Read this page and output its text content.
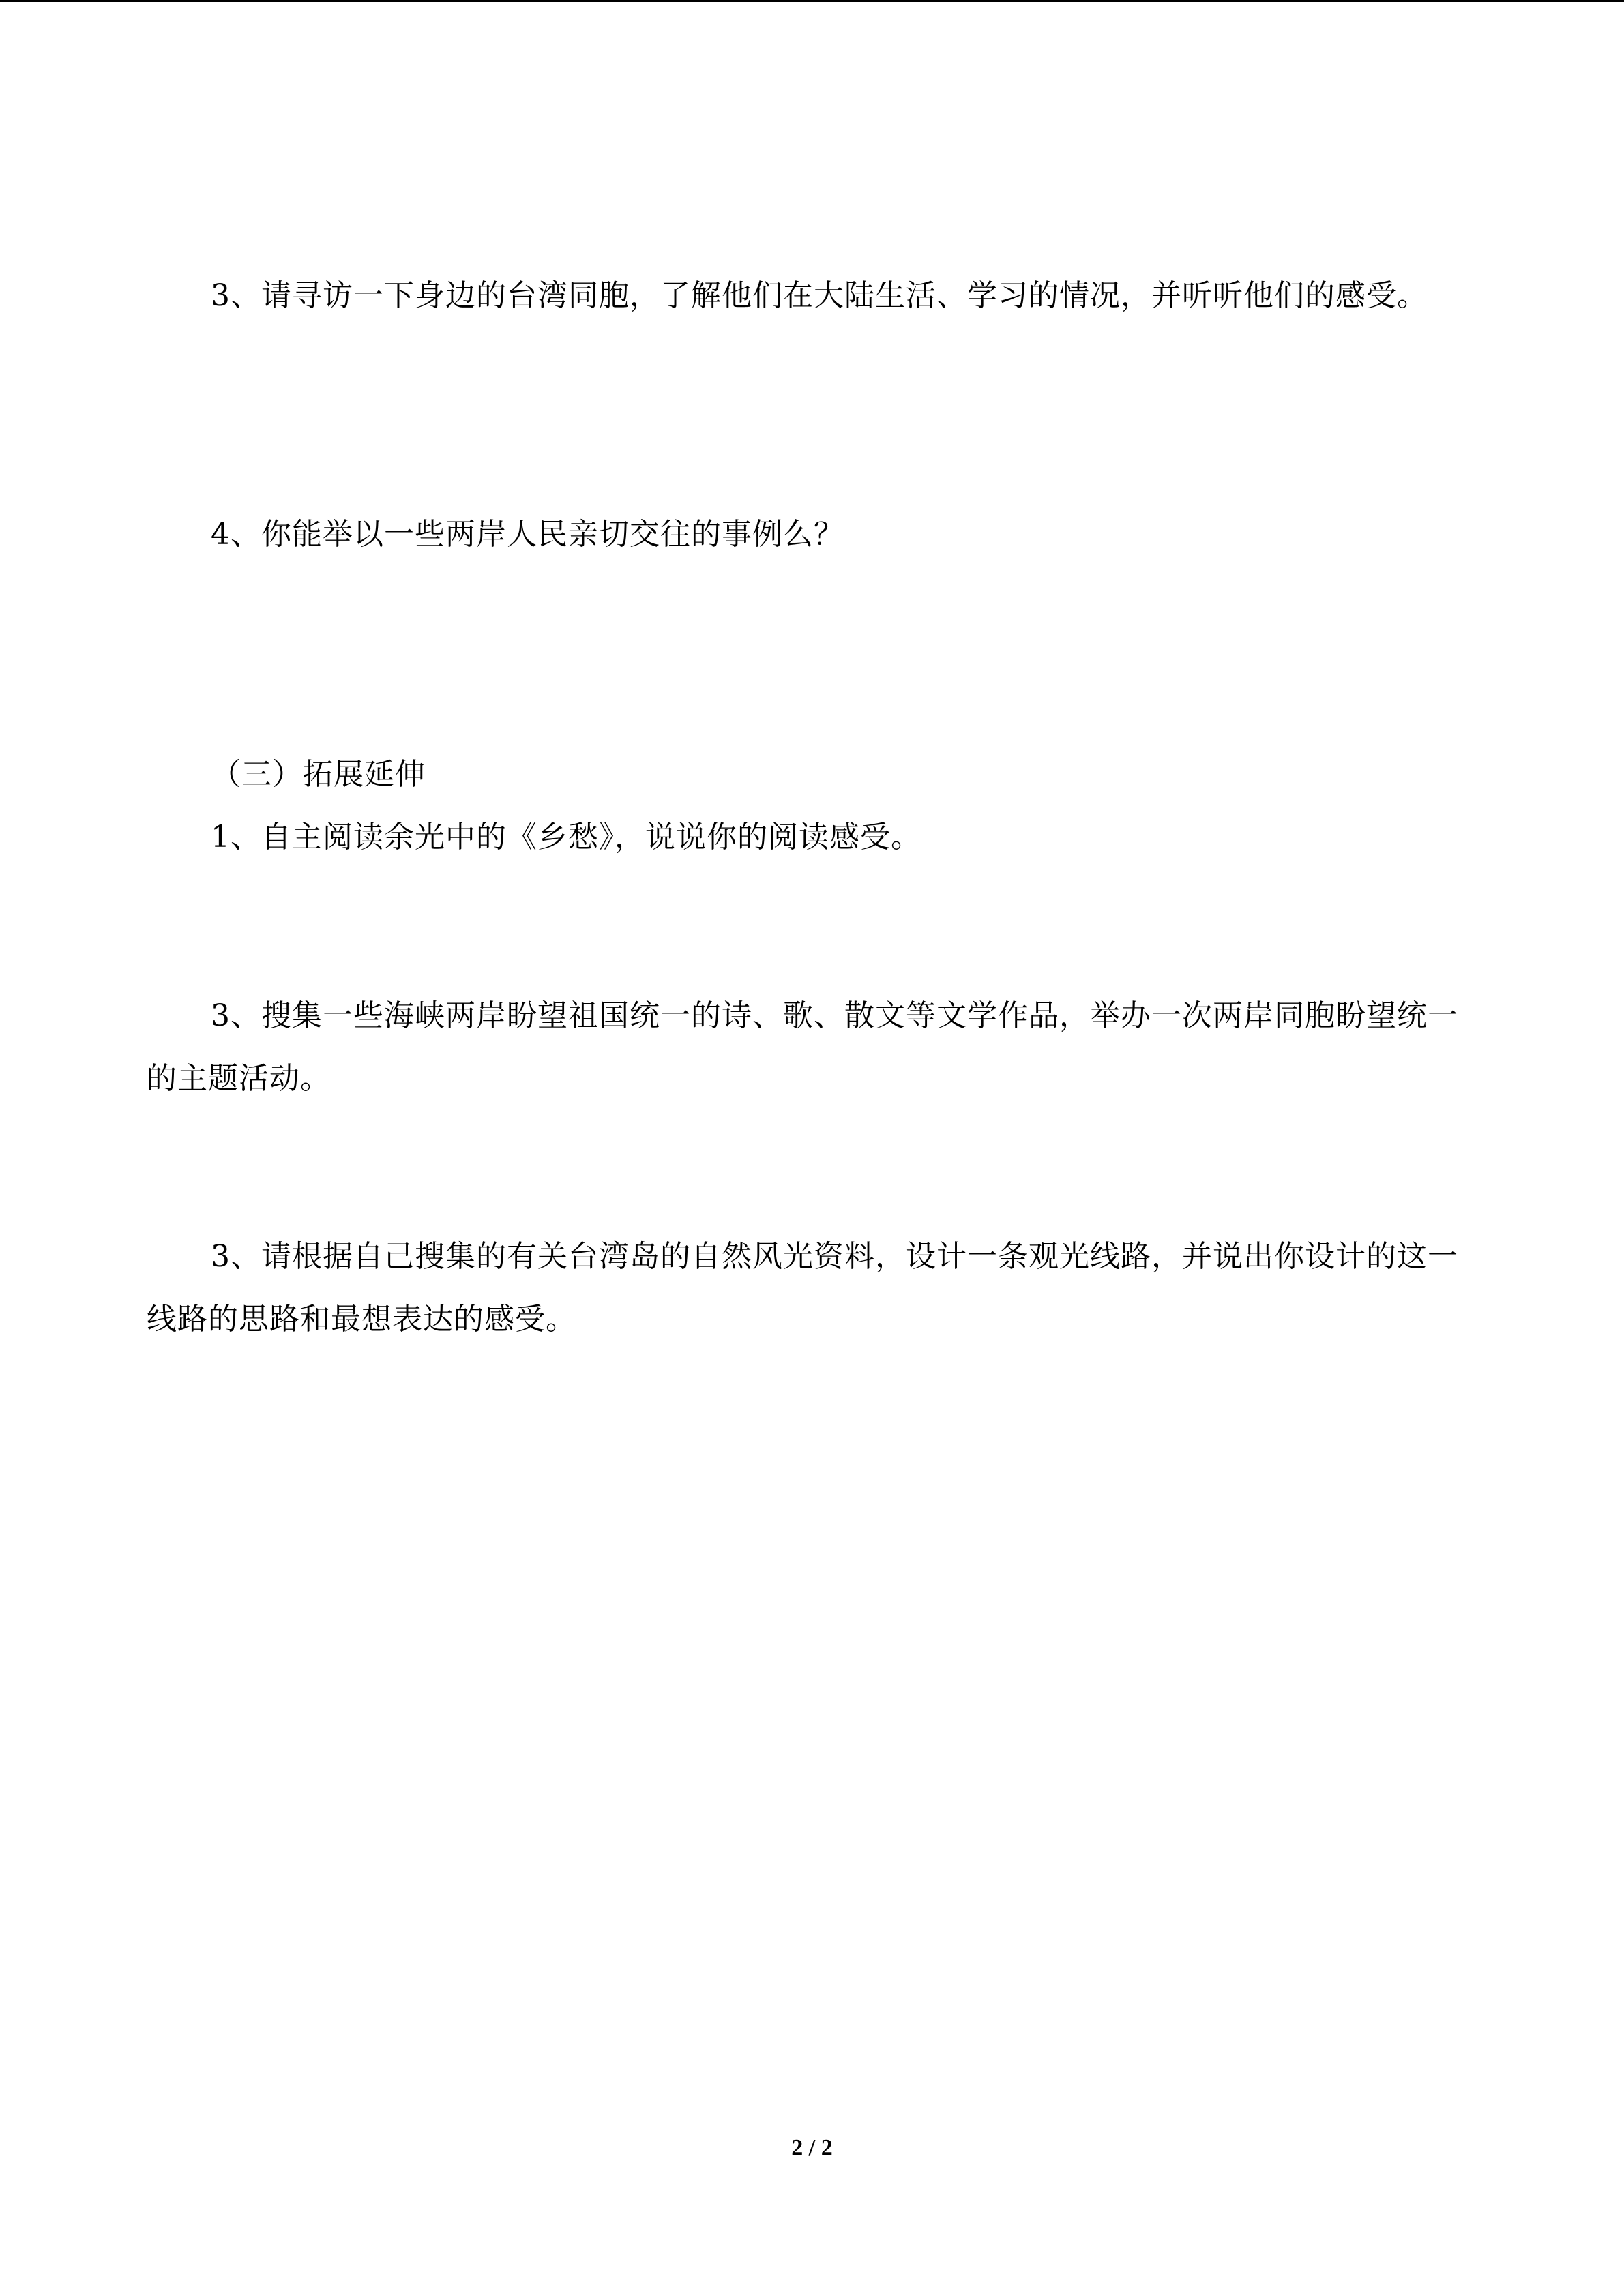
3、请寻访一下身边的台湾同胞，了解他们在大陆生活、学习的情况，并听听他们的感受。

4、你能举以一些两岸人民亲切交往的事例么？

（三）拓展延伸

1、自主阅读余光中的《乡愁》，说说你的阅读感受。

3、搜集一些海峡两岸盼望祖国统一的诗、歌、散文等文学作品，举办一次两岸同胞盼望统一的主题活动。

3、请根据自己搜集的有关台湾岛的自然风光资料，设计一条观光线路，并说出你设计的这一线路的思路和最想表达的感受。

2 / 2
